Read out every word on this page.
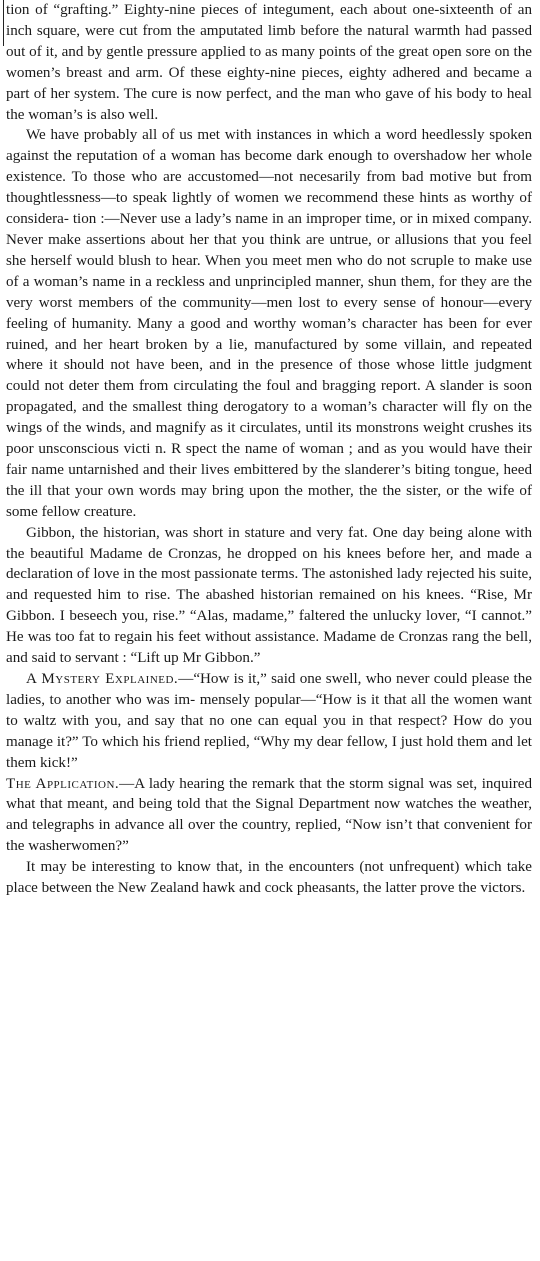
tion of “grafting.” Eighty-nine pieces of integument, each about one-sixteenth of an inch square, were cut from the amputated limb before the natural warmth had passed out of it, and by gentle pressure applied to as many points of the great open sore on the women’s breast and arm. Of these eighty-nine pieces, eighty adhered and became a part of her system. The cure is now perfect, and the man who gave of his body to heal the woman’s is also well.

We have probably all of us met with instances in which a word heedlessly spoken against the reputation of a woman has become dark enough to overshadow her whole existence. To those who are accustomed—not necesarily from bad motive but from thoughtlessness—to speak lightly of women we recommend these hints as worthy of considera- tion :—Never use a lady’s name in an improper time, or in mixed company. Never make assertions about her that you think are untrue, or allusions that you feel she herself would blush to hear. When you meet men who do not scruple to make use of a woman’s name in a reckless and unprincipled manner, shun them, for they are the very worst members of the community—men lost to every sense of honour—every feeling of humanity. Many a good and worthy woman’s character has been for ever ruined, and her heart broken by a lie, manufactured by some villain, and repeated where it should not have been, and in the presence of those whose little judgment could not deter them from circulating the foul and bragging report. A slander is soon propagated, and the smallest thing derogatory to a woman’s character will fly on the wings of the winds, and magnify as it circulates, until its monstrons weight crushes its poor unsconscious victi n. R spect the name of woman ; and as you would have their fair name untarnished and their lives embittered by the slanderer’s biting tongue, heed the ill that your own words may bring upon the mother, the the sister, or the wife of some fellow creature.

Gibbon, the historian, was short in stature and very fat. One day being alone with the beautiful Madame de Cronzas, he dropped on his knees before her, and made a declaration of love in the most passionate terms. The astonished lady rejected his suite, and requested him to rise. The abashed historian remained on his knees. “Rise, Mr Gibbon. I beseech you, rise.” “Alas, madame,” faltered the unlucky lover, “I cannot.” He was too fat to regain his feet without assistance. Madame de Cronzas rang the bell, and said to servant : “Lift up Mr Gibbon.”

A Mystery Explained.—“How is it,” said one swell, who never could please the ladies, to another who was im- mensely popular—“How is it that all the women want to waltz with you, and say that no one can equal you in that respect? How do you manage it?” To which his friend replied, “Why my dear fellow, I just hold them and let them kick!”

The Application.—A lady hearing the remark that the storm signal was set, inquired what that meant, and being told that the Signal Department now watches the weather, and telegraphs in advance all over the country, replied, “Now isn’t that convenient for the washerwomen?”

It may be interesting to know that, in the encounters (not unfrequent) which take place between the New Zealand hawk and cock pheasants, the latter prove the victors.
